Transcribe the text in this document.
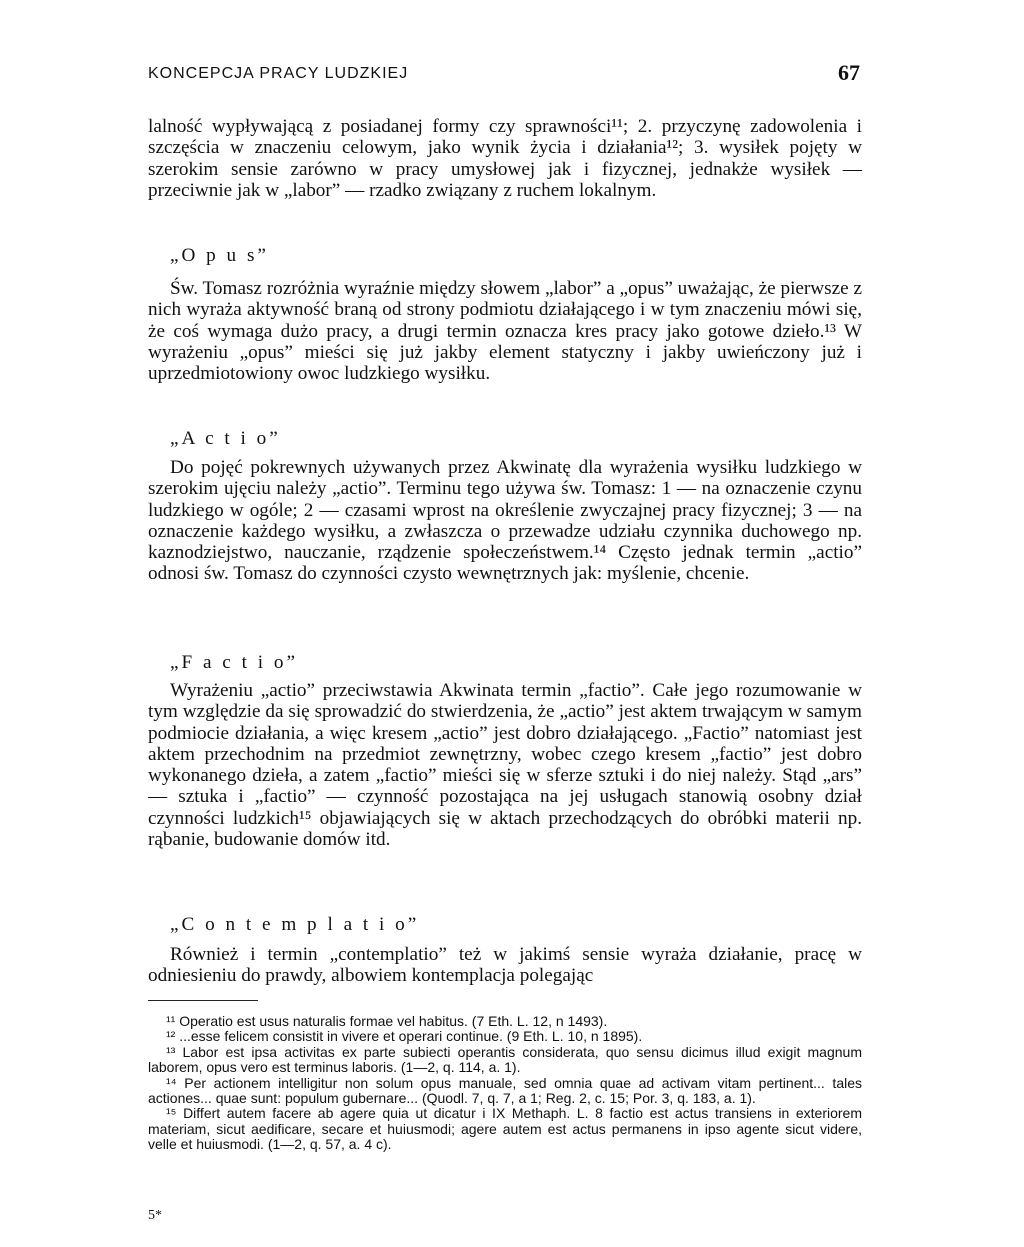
KONCEPCJA PRACY LUDZKIEJ	67

lalność wypływającą z posiadanej formy czy sprawności¹¹; 2. przyczynę zadowolenia i szczęścia w znaczeniu celowym, jako wynik życia i działania¹²; 3. wysiłek pojęty w szerokim sensie zarówno w pracy umysłowej jak i fizycznej, jednakże wysiłek — przeciwnie jak w „labor” — rzadko związany z ruchem lokalnym.

„O p u s”

Św. Tomasz rozróżnia wyraźnie między słowem „labor” a „opus” uważając, że pierwsze z nich wyraża aktywność braną od strony podmiotu działającego i w tym znaczeniu mówi się, że coś wymaga dużo pracy, a drugi termin oznacza kres pracy jako gotowe dzieło.¹³ W wyrażeniu „opus” mieści się już jakby element statyczny i jakby uwieńczony już i uprzedmiotowiony owoc ludzkiego wysiłku.

„A c t i o”

Do pojęć pokrewnych używanych przez Akwinatę dla wyrażenia wysiłku ludzkiego w szerokim ujęciu należy „actio”. Terminu tego używa św. Tomasz: 1 — na oznaczenie czynu ludzkiego w ogóle; 2 — czasami wprost na określenie zwyczajnej pracy fizycznej; 3 — na oznaczenie każdego wysiłku, a zwłaszcza o przewadze udziału czynnika duchowego np. kaznodziejstwo, nauczanie, rządzenie społeczeństwem.¹⁴ Często jednak termin „actio” odnosi św. Tomasz do czynności czysto wewnętrznych jak: myślenie, chcenie.

„F a c t i o”

Wyrażeniu „actio” przeciwstawia Akwinata termin „factio”. Całe jego rozumowanie w tym względzie da się sprowadzić do stwierdzenia, że „actio” jest aktem trwającym w samym podmiocie działania, a więc kresem „actio” jest dobro działającego. „Factio” natomiast jest aktem przechodnim na przedmiot zewnętrzny, wobec czego kresem „factio” jest dobro wykonanego dzieła, a zatem „factio” mieści się w sferze sztuki i do niej należy. Stąd „ars” — sztuka i „factio” — czynność pozostająca na jej usługach stanowią osobny dział czynności ludzkich¹⁵ objawiających się w aktach przechodzących do obróbki materii np. rąbanie, budowanie domów itd.

„C o n t e m p l a t i o”

Również i termin „contemplatio” też w jakimś sensie wyraża działanie, pracę w odniesieniu do prawdy, albowiem kontemplacja polegając

¹¹ Operatio est usus naturalis formae vel habitus. (7 Eth. L. 12, n 1493).

¹² ...esse felicem consistit in vivere et operari continue. (9 Eth. L. 10, n 1895).

¹³ Labor est ipsa activitas ex parte subiecti operantis considerata, quo sensu dicimus illud exigit magnum laborem, opus vero est terminus laboris. (1—2, q. 114, a. 1).

¹⁴ Per actionem intelligitur non solum opus manuale, sed omnia quae ad activam vitam pertinent... tales actiones... quae sunt: populum gubernare... (Quodl. 7, q. 7, a 1; Reg. 2, c. 15; Por. 3, q. 183, a. 1).

¹⁵ Differt autem facere ab agere quia ut dicatur i IX Methaph. L. 8 factio est actus transiens in exteriorem materiam, sicut aedificare, secare et huiusmodi; agere autem est actus permanens in ipso agente sicut videre, velle et huiusmodi. (1—2, q. 57, a. 4 c).

5*
